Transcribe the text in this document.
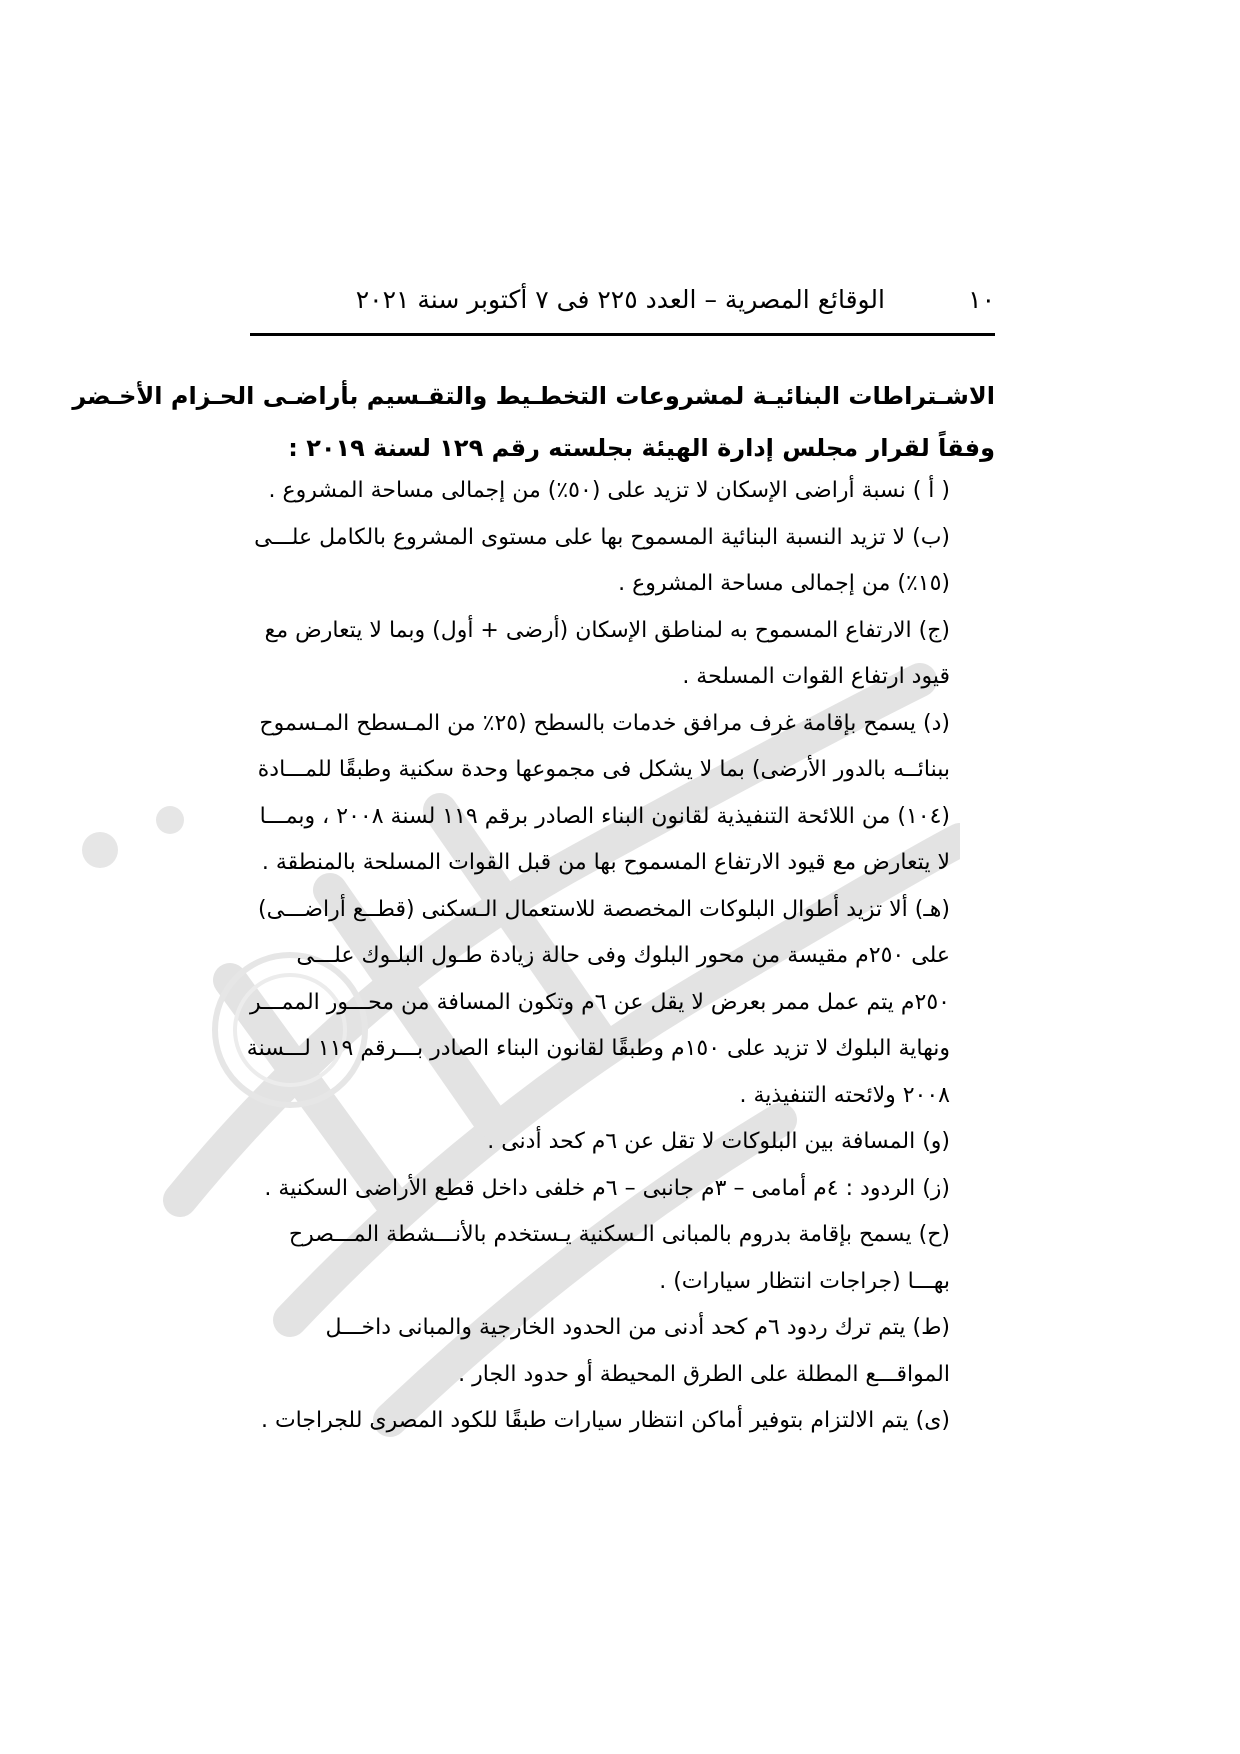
١٠
الوقائع المصرية – العدد ٢٢٥ فى ٧ أكتوبر سنة ٢٠٢١
الاشـتراطات البنائيـة لمشروعات التخطـيط والتقـسيم بأراضـى الحـزام الأخـضر
وفقاً لقرار مجلس إدارة الهيئة بجلسته رقم ١٢٩ لسنة ٢٠١٩ :
( أ ) نسبة أراضى الإسكان لا تزيد على (٥٠٪) من إجمالى مساحة المشروع .
(ب) لا تزيد النسبة البنائية المسموح بها على مستوى المشروع بالكامل علـــى (١٥٪) من إجمالى مساحة المشروع .
(ج) الارتفاع المسموح به لمناطق الإسكان (أرضى + أول) وبما لا يتعارض مع قيود ارتفاع القوات المسلحة .
(د) يسمح بإقامة غرف مرافق خدمات بالسطح (٢٥٪ من المـسطح المـسموح ببنائــه بالدور الأرضى) بما لا يشكل فى مجموعها وحدة سكنية وطبقًا للمـــادة (١٠٤) من اللائحة التنفيذية لقانون البناء الصادر برقم ١١٩ لسنة ٢٠٠٨ ، وبمـــا لا يتعارض مع قيود الارتفاع المسموح بها من قبل القوات المسلحة بالمنطقة .
(هـ) ألا تزيد أطوال البلوكات المخصصة للاستعمال الـسكنى (قطــع أراضـــى) على ٢٥٠م مقيسة من محور البلوك وفى حالة زيادة طـول البلـوك علـــى ٢٥٠م يتم عمل ممر بعرض لا يقل عن ٦م وتكون المسافة من محـــور الممـــر ونهاية البلوك لا تزيد على ١٥٠م وطبقًا لقانون البناء الصادر بـــرقم ١١٩ لـــسنة ٢٠٠٨ ولائحته التنفيذية .
(و) المسافة بين البلوكات لا تقل عن ٦م كحد أدنى .
(ز) الردود : ٤م أمامى – ٣م جانبى – ٦م خلفى داخل قطع الأراضى السكنية .
(ح) يسمح بإقامة بدروم بالمبانى الـسكنية يـستخدم بالأنـــشطة المـــصرح بهـــا (جراجات انتظار سيارات) .
(ط) يتم ترك ردود ٦م كحد أدنى من الحدود الخارجية والمبانى داخـــل المواقـــع المطلة على الطرق المحيطة أو حدود الجار .
(ى) يتم الالتزام بتوفير أماكن انتظار سيارات طبقًا للكود المصرى للجراجات .
